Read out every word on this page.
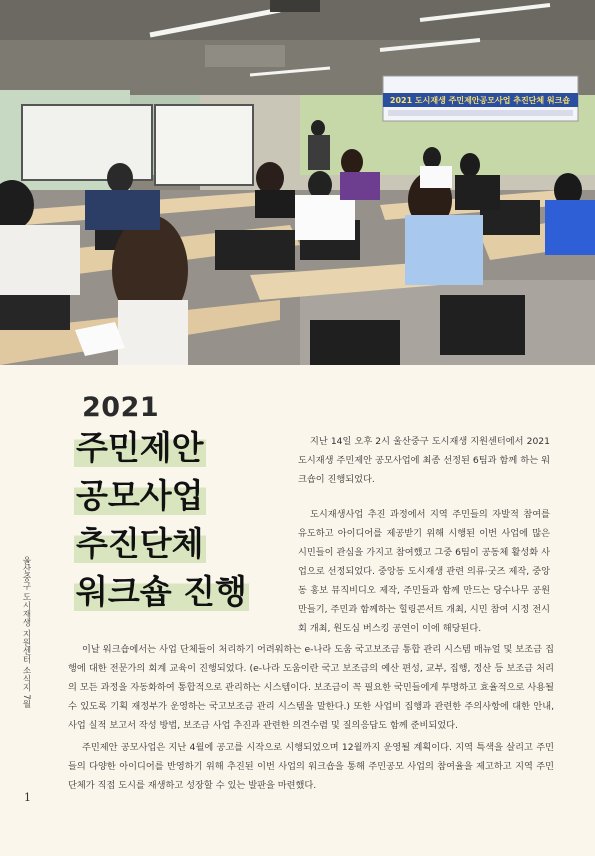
2021 도시재생 주민제안공모사업 추진단체 워크숍
2021
주민제안
공모사업
추진단체
워크숍 진행

지난 14일 오후 2시 울산중구 도시재생 지원센터에서 2021 도시재생 주민제안 공모사업에 최종 선정된 6팀과 함께 하는 워크숍이 진행되었다.

도시재생사업 추진 과정에서 지역 주민들의 자발적 참여를 유도하고 아이디어를 제공받기 위해 시행된 이번 사업에 많은 시민들이 관심을 가지고 참여했고 그중 6팀이 공동체 활성화 사업으로 선정되었다. 중앙동 도시재생 관련 의류·굿즈 제작, 중앙동 홍보 뮤직비디오 제작, 주민들과 함께 만드는 당수나무 공원 만들기, 주민과 함께하는 힐링콘서트 개최, 시민 참여 시정 전시회 개최, 원도심 버스킹 공연이 이에 해당된다.

이날 워크숍에서는 사업 단체들이 처리하기 어려워하는 e-나라 도움 국고보조금 통합 관리 시스템 매뉴얼 및 보조금 집행에 대한 전문가의 회계 교육이 진행되었다. (e-나라 도움이란 국고 보조금의 예산 편성, 교부, 집행, 정산 등 보조금 처리의 모든 과정을 자동화하여 통합적으로 관리하는 시스템이다. 보조금이 꼭 필요한 국민들에게 투명하고 효율적으로 사용될 수 있도록 기획 재정부가 운영하는 국고보조금 관리 시스템을 말한다.) 또한 사업비 집행과 관련한 주의사항에 대한 안내, 사업 실적 보고서 작성 방법, 보조금 사업 추진과 관련한 의견수렴 및 질의응답도 함께 준비되었다.

주민제안 공모사업은 지난 4월에 공고를 시작으로 시행되었으며 12월까지 운영될 계획이다. 지역 특색을 살리고 주민들의 다양한 아이디어를 반영하기 위해 추진된 이번 사업의 워크숍을 통해 주민공모 사업의 참여율을 제고하고 지역 주민단체가 직접 도시를 재생하고 성장할 수 있는 발판을 마련했다.

울산중구 도시재생 지원센터 소식지 7월
1
